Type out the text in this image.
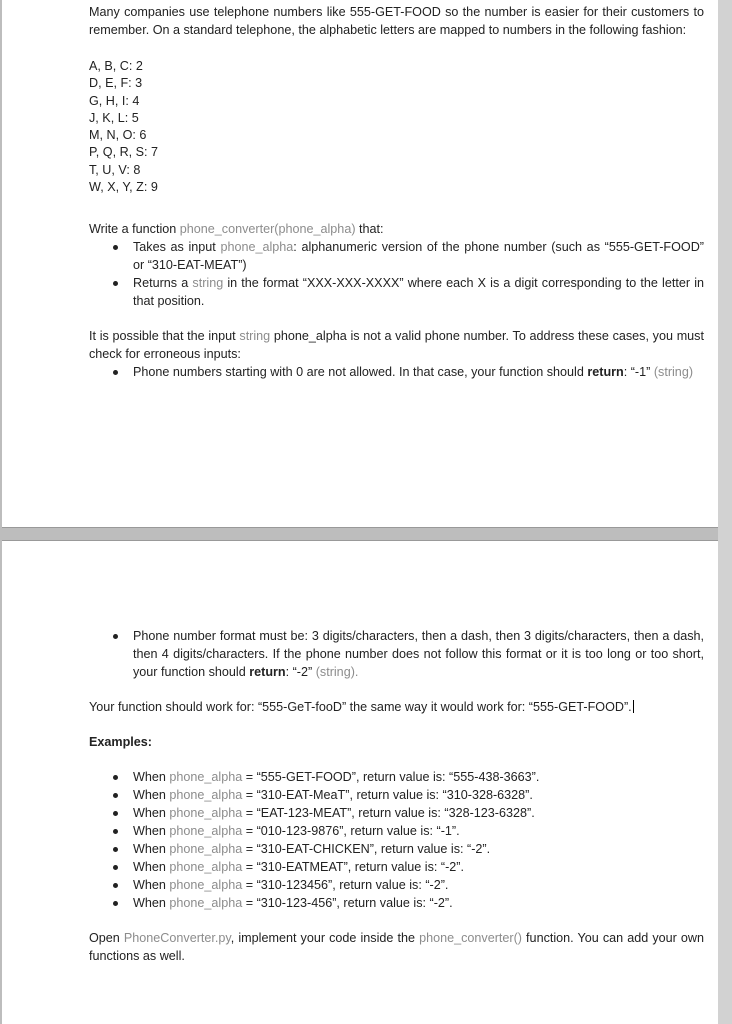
Many companies use telephone numbers like 555-GET-FOOD so the number is easier for their customers to remember. On a standard telephone, the alphabetic letters are mapped to numbers in the following fashion:

A, B, C: 2
D, E, F: 3
G, H, I: 4
J, K, L: 5
M, N, O: 6
P, Q, R, S: 7
T, U, V: 8
W, X, Y, Z: 9

Write a function phone_converter(phone_alpha) that:

Takes as input phone_alpha: alphanumeric version of the phone number (such as “555-GET-FOOD” or “310-EAT-MEAT”)
Returns a string in the format “XXX-XXX-XXXX” where each X is a digit corresponding to the letter in that position.

It is possible that the input string phone_alpha is not a valid phone number. To address these cases, you must check for erroneous inputs:

Phone numbers starting with 0 are not allowed. In that case, your function should return: “-1” (string)
Phone number format must be: 3 digits/characters, then a dash, then 3 digits/characters, then a dash, then 4 digits/characters. If the phone number does not follow this format or it is too long or too short, your function should return: “-2” (string).

Your function should work for: “555-GeT-fooD” the same way it would work for: “555-GET-FOOD”.

Examples:

When phone_alpha = “555-GET-FOOD”, return value is: “555-438-3663”.
When phone_alpha = “310-EAT-MeaT”, return value is: “310-328-6328”.
When phone_alpha = “EAT-123-MEAT”, return value is: “328-123-6328”.
When phone_alpha = “010-123-9876”, return value is: “-1”.
When phone_alpha = “310-EAT-CHICKEN”, return value is: “-2”.
When phone_alpha = “310-EATMEAT”, return value is: “-2”.
When phone_alpha = “310-123456”, return value is: “-2”.
When phone_alpha = “310-123-456”, return value is: “-2”.

Open PhoneConverter.py, implement your code inside the phone_converter() function. You can add your own functions as well.
